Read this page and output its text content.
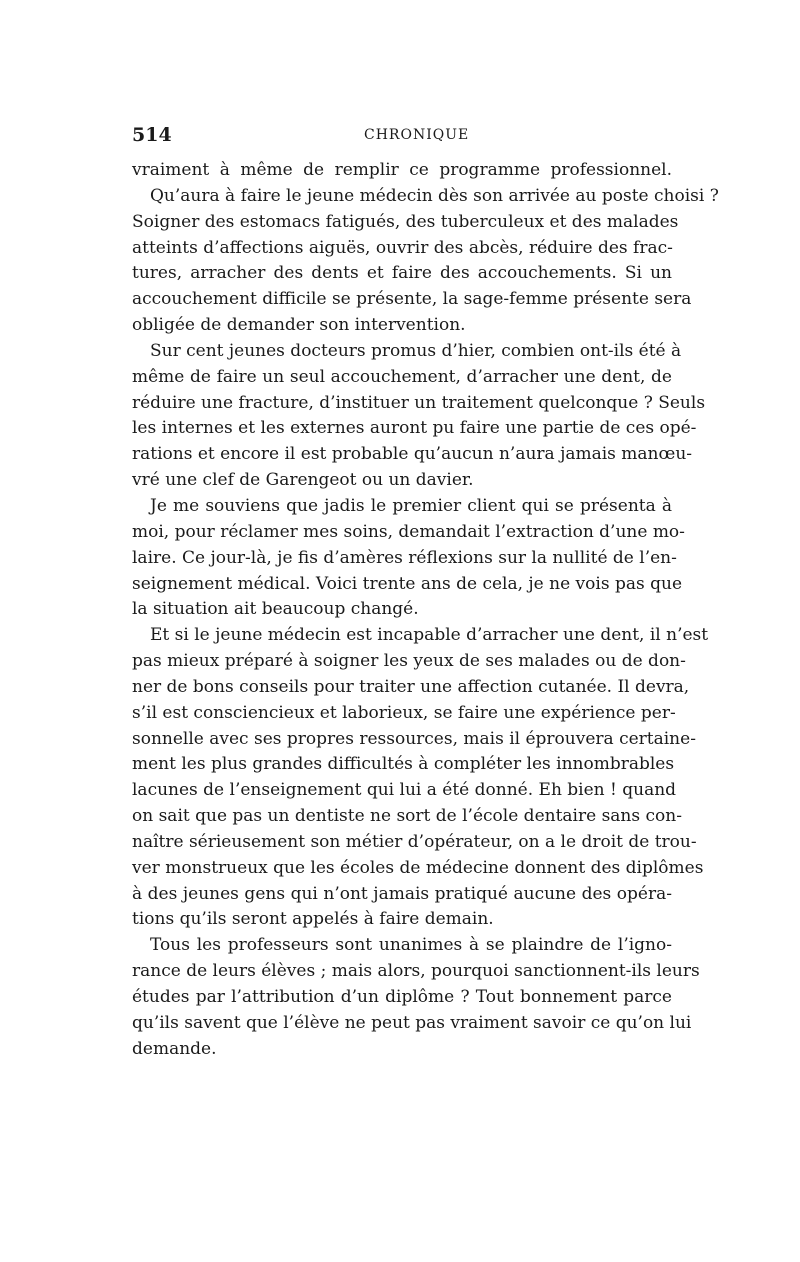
514	CHRONIQUE
vraiment à même de remplir ce programme professionnel.
Qu’aura à faire le jeune médecin dès son arrivée au poste choisi ?
Soigner des estomacs fatigués, des tuberculeux et des malades
atteints d’affections aiguës, ouvrir des abcès, réduire des frac-
tures, arracher des dents et faire des accouchements. Si un
accouchement difficile se présente, la sage-femme présente sera
obligée de demander son intervention.
Sur cent jeunes docteurs promus d’hier, combien ont-ils été à
même de faire un seul accouchement, d’arracher une dent, de
réduire une fracture, d’instituer un traitement quelconque ? Seuls
les internes et les externes auront pu faire une partie de ces opé-
rations et encore il est probable qu’aucun n’aura jamais manœu-
vré une clef de Garengeot ou un davier.
Je me souviens que jadis le premier client qui se présenta à
moi, pour réclamer mes soins, demandait l’extraction d’une mo-
laire. Ce jour-là, je fis d’amères réflexions sur la nullité de l’en-
seignement médical. Voici trente ans de cela, je ne vois pas que
la situation ait beaucoup changé.
Et si le jeune médecin est incapable d’arracher une dent, il n’est
pas mieux préparé à soigner les yeux de ses malades ou de don-
ner de bons conseils pour traiter une affection cutanée. Il devra,
s’il est consciencieux et laborieux, se faire une expérience per-
sonnelle avec ses propres ressources, mais il éprouvera certaine-
ment les plus grandes difficultés à compléter les innombrables
lacunes de l’enseignement qui lui a été donné. Eh bien ! quand
on sait que pas un dentiste ne sort de l’école dentaire sans con-
naître sérieusement son métier d’opérateur, on a le droit de trou-
ver monstrueux que les écoles de médecine donnent des diplômes
à des jeunes gens qui n’ont jamais pratiqué aucune des opéra-
tions qu’ils seront appelés à faire demain.
Tous les professeurs sont unanimes à se plaindre de l’igno-
rance de leurs élèves ; mais alors, pourquoi sanctionnent-ils leurs
études par l’attribution d’un diplôme ? Tout bonnement parce
qu’ils savent que l’élève ne peut pas vraiment savoir ce qu’on lui
demande.
